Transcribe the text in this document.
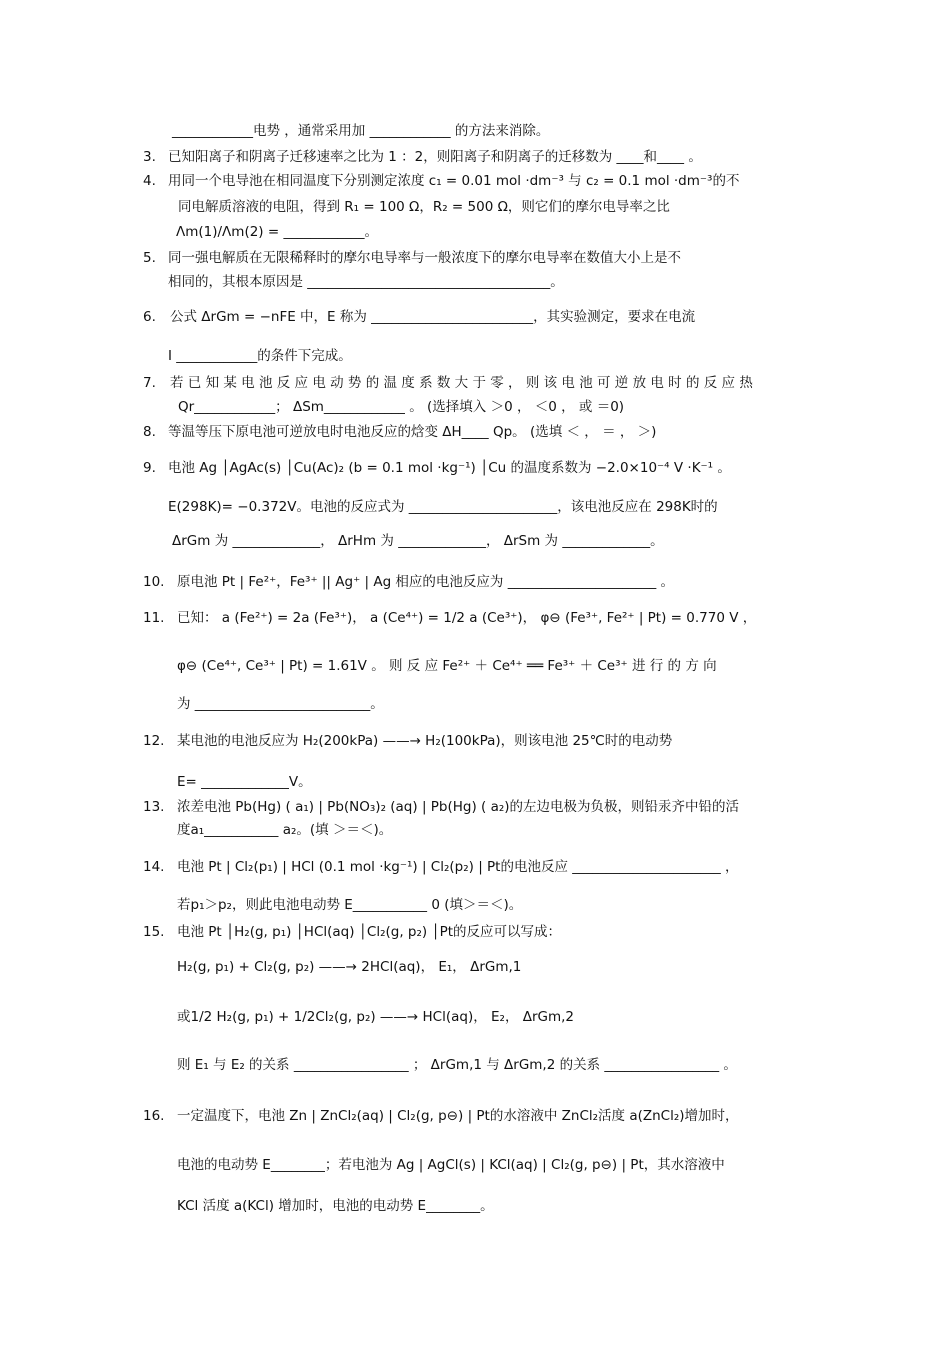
____________电势 ，通常采用加 ____________ 的方法来消除。
3. 已知阳离子和阴离子迁移速率之比为 1 ：2，则阳离子和阴离子的迁移数为 ____和____ 。
4. 用同一个电导池在相同温度下分别测定浓度 c₁ = 0.01 mol ·dm⁻³ 与 c₂ = 0.1 mol ·dm⁻³的不
同电解质溶液的电阻，得到 R₁ = 100 Ω，R₂ = 500 Ω，则它们的摩尔电导率之比
Λm(1)/Λm(2) = ____________。
5. 同一强电解质在无限稀释时的摩尔电导率与一般浓度下的摩尔电导率在数值大小上是不
相同的，其根本原因是 ____________________________________。
6. 公式 ΔrGm = −nFE 中，E 称为 ________________________，其实验测定，要求在电流
I ____________的条件下完成。
7. 若 已 知 某 电 池 反 应 电 动 势 的 温 度 系 数 大 于 零 ， 则 该 电 池 可 逆 放 电 时 的 反 应 热
Qr____________； ΔSm____________ 。 (选择填入 ＞0 ， ＜0 ， 或 ＝0)
8. 等温等压下原电池可逆放电时电池反应的焓变 ΔH____ Qp。 (选填 ＜ ， ＝ ， ＞)
9. 电池 Ag │AgAc(s) │Cu(Ac)₂ (b = 0.1 mol ·kg⁻¹) │Cu 的温度系数为 −2.0×10⁻⁴ V ·K⁻¹ 。
E(298K)= −0.372V。电池的反应式为 ______________________，该电池反应在 298K时的
ΔrGm 为 _____________， ΔrHm 为 _____________， ΔrSm 为 _____________。
10. 原电池 Pt | Fe²⁺，Fe³⁺ || Ag⁺ | Ag 相应的电池反应为 ______________________ 。
11. 已知： a (Fe²⁺) = 2a (Fe³⁺)， a (Ce⁴⁺) = 1/2 a (Ce³⁺)， φ⊖ (Fe³⁺, Fe²⁺ | Pt) = 0.770 V ，
φ⊖ (Ce⁴⁺, Ce³⁺ | Pt) = 1.61V 。 则 反 应 Fe²⁺ ＋ Ce⁴⁺ ══ Fe³⁺ ＋ Ce³⁺ 进 行 的 方 向
为 __________________________。
12. 某电池的电池反应为 H₂(200kPa) ——→ H₂(100kPa)，则该电池 25℃时的电动势
E= _____________V。
13. 浓差电池 Pb(Hg) ( a₁) | Pb(NO₃)₂ (aq) | Pb(Hg) ( a₂)的左边电极为负极，则铅汞齐中铅的活
度a₁___________ a₂。(填 ＞＝＜)。
14. 电池 Pt | Cl₂(p₁) | HCl (0.1 mol ·kg⁻¹) | Cl₂(p₂) | Pt的电池反应 ______________________ ，
若p₁＞p₂，则此电池电动势 E___________ 0 (填＞＝＜)。
15. 电池 Pt │H₂(g, p₁) │HCl(aq) │Cl₂(g, p₂) │Pt的反应可以写成：
H₂(g, p₁) + Cl₂(g, p₂) ——→ 2HCl(aq)， E₁， ΔrGm,1
或1/2 H₂(g, p₁) + 1/2Cl₂(g, p₂) ——→ HCl(aq)， E₂， ΔrGm,2
则 E₁ 与 E₂ 的关系 _________________ ； ΔrGm,1 与 ΔrGm,2 的关系 _________________ 。
16. 一定温度下，电池 Zn | ZnCl₂(aq) | Cl₂(g, p⊖) | Pt的水溶液中 ZnCl₂活度 a(ZnCl₂)增加时，
电池的电动势 E________；若电池为 Ag | AgCl(s) | KCl(aq) | Cl₂(g, p⊖) | Pt，其水溶液中
KCl 活度 a(KCl) 增加时，电池的电动势 E________。
